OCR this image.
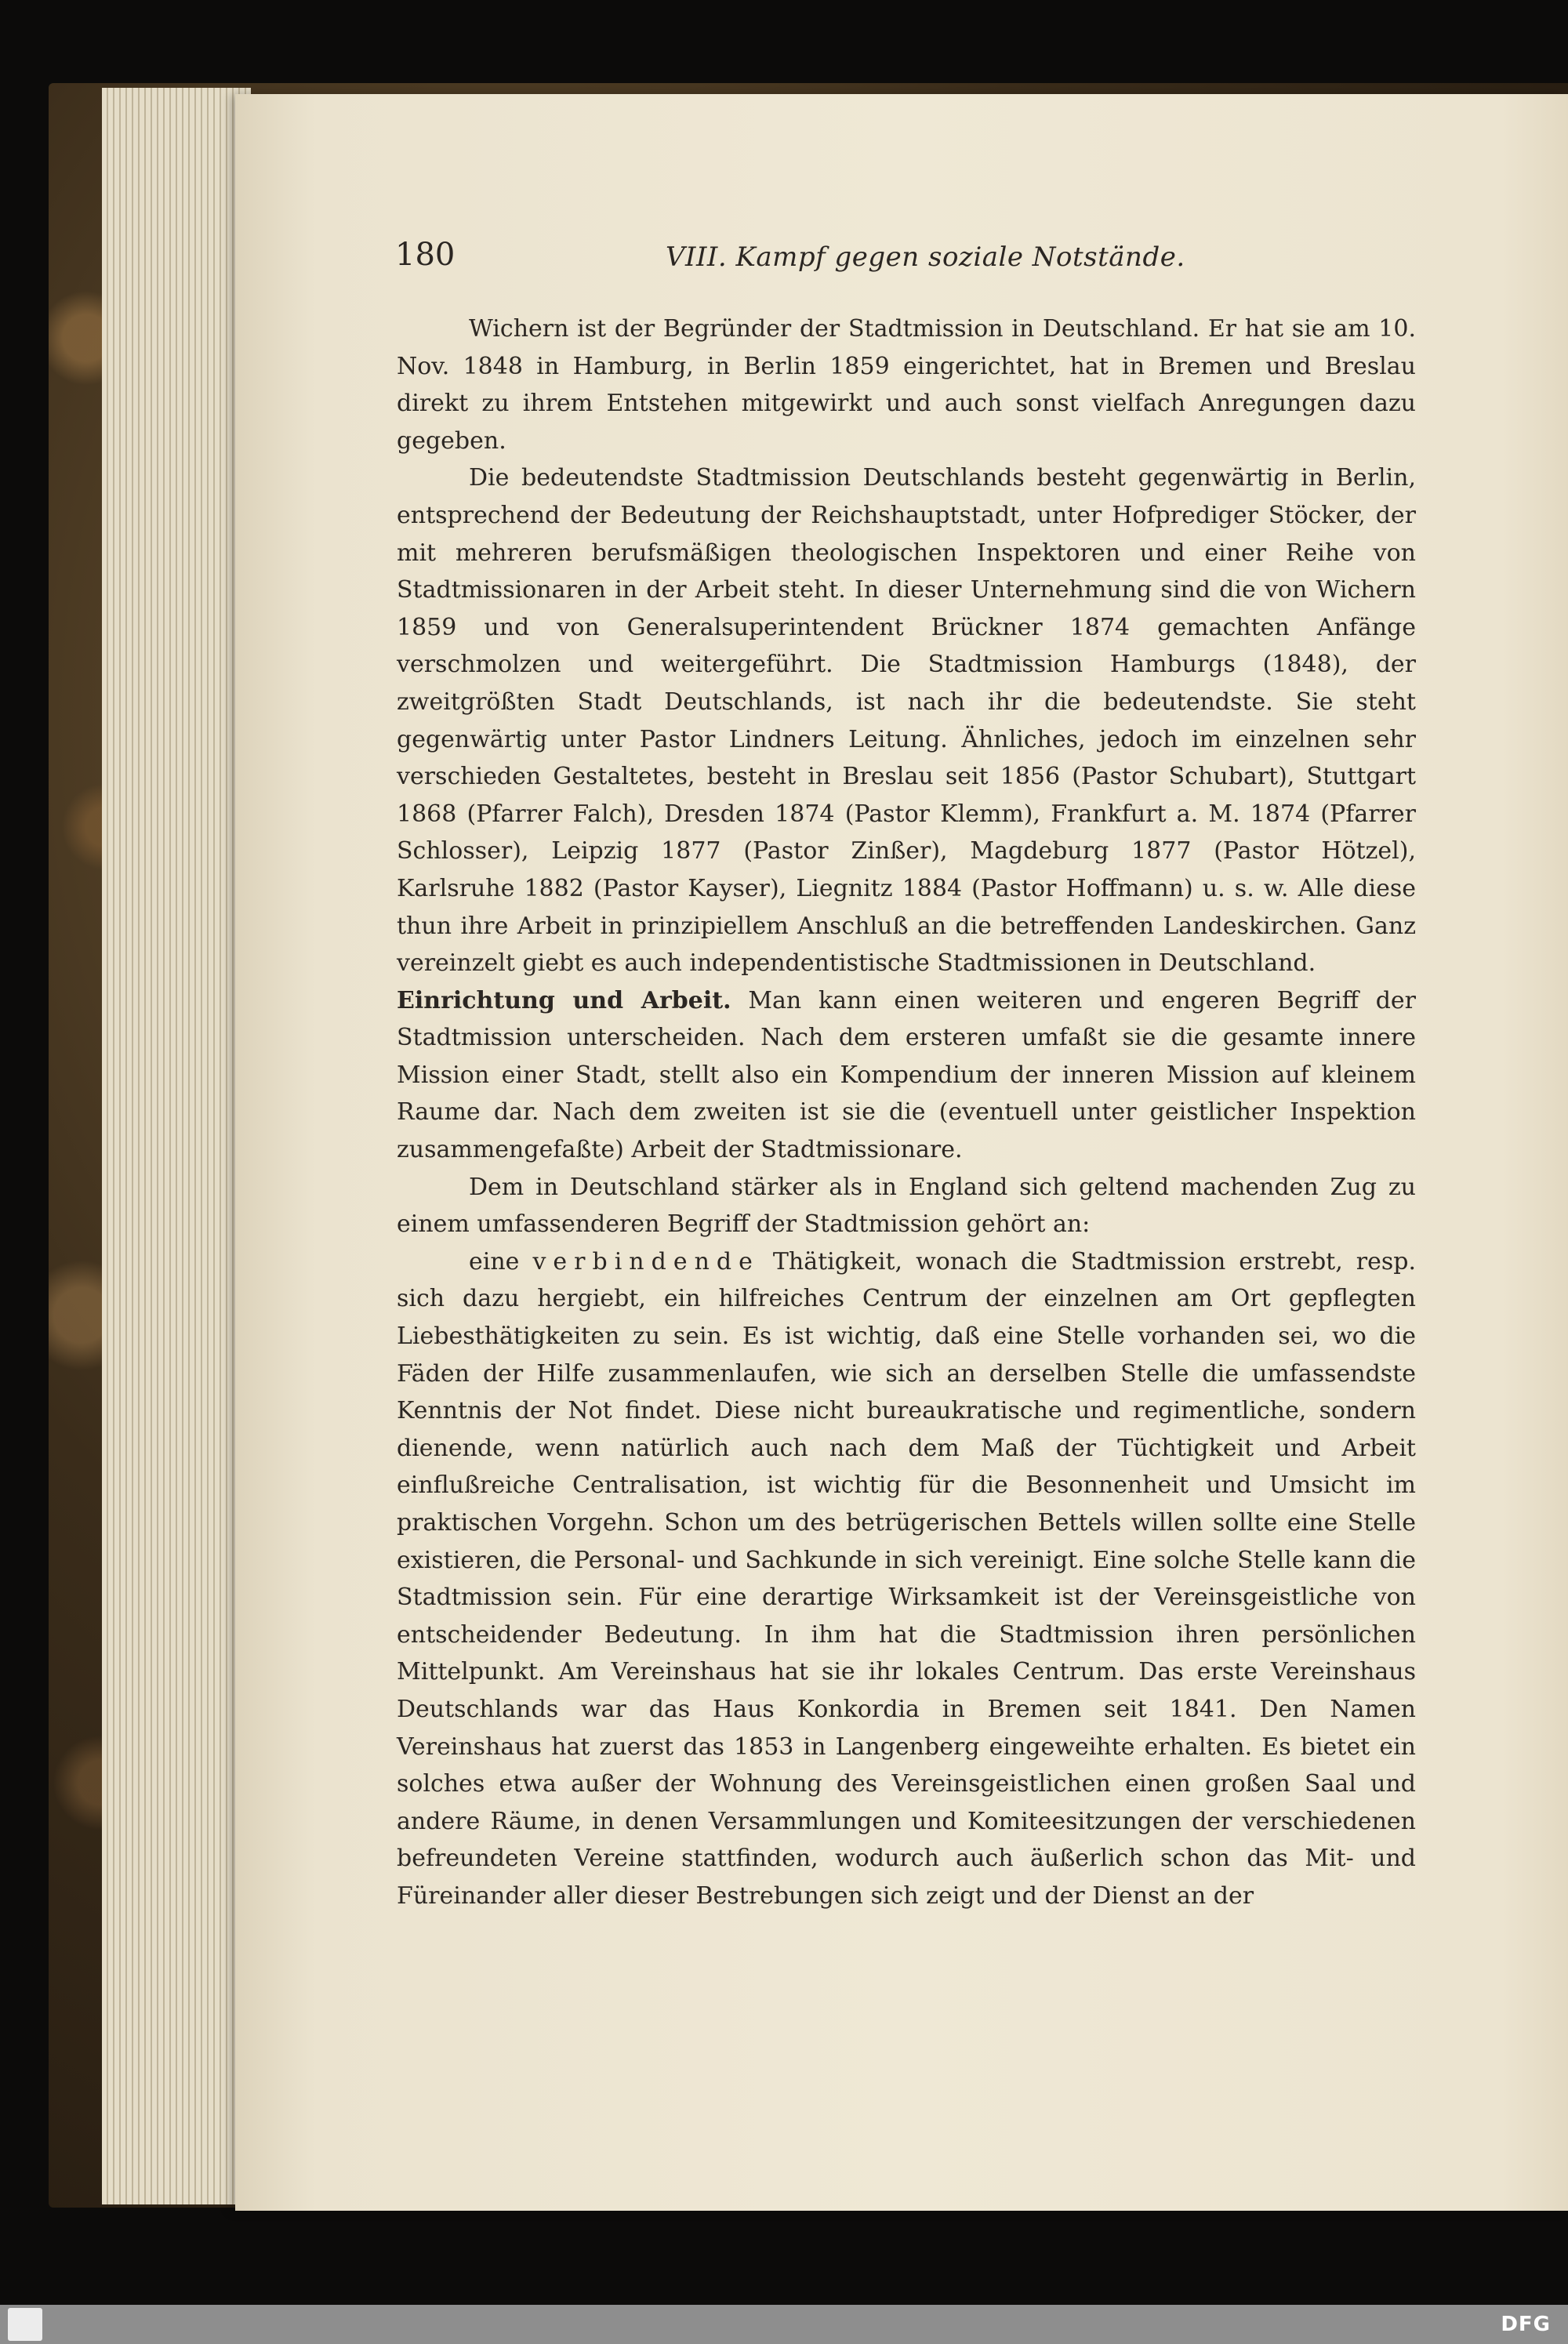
180	VIII. Kampf gegen soziale Notstände.

Wichern ist der Begründer der Stadtmission in Deutschland. Er hat sie am 10. Nov. 1848 in Hamburg, in Berlin 1859 eingerichtet, hat in Bremen und Breslau direkt zu ihrem Entstehen mitgewirkt und auch sonst vielfach Anregungen dazu gegeben.

Die bedeutendste Stadtmission Deutschlands besteht gegenwärtig in Berlin, entsprechend der Bedeutung der Reichshauptstadt, unter Hofprediger Stöcker, der mit mehreren berufsmäßigen theologischen Inspektoren und einer Reihe von Stadtmissionaren in der Arbeit steht. In dieser Unternehmung sind die von Wichern 1859 und von Generalsuperintendent Brückner 1874 gemachten Anfänge verschmolzen und weitergeführt. Die Stadtmission Hamburgs (1848), der zweitgrößten Stadt Deutschlands, ist nach ihr die bedeutendste. Sie steht gegenwärtig unter Pastor Lindners Leitung. Ähnliches, jedoch im einzelnen sehr verschieden Gestaltetes, besteht in Breslau seit 1856 (Pastor Schubart), Stuttgart 1868 (Pfarrer Falch), Dresden 1874 (Pastor Klemm), Frankfurt a. M. 1874 (Pfarrer Schlosser), Leipzig 1877 (Pastor Zinßer), Magdeburg 1877 (Pastor Hötzel), Karlsruhe 1882 (Pastor Kayser), Liegnitz 1884 (Pastor Hoffmann) u. s. w. Alle diese thun ihre Arbeit in prinzipiellem Anschluß an die betreffenden Landeskirchen. Ganz vereinzelt giebt es auch independentistische Stadtmissionen in Deutschland.

Einrichtung und Arbeit. Man kann einen weiteren und engeren Begriff der Stadtmission unterscheiden. Nach dem ersteren umfaßt sie die gesamte innere Mission einer Stadt, stellt also ein Kompendium der inneren Mission auf kleinem Raume dar. Nach dem zweiten ist sie die (eventuell unter geistlicher Inspektion zusammengefaßte) Arbeit der Stadtmissionare.

Dem in Deutschland stärker als in England sich geltend machenden Zug zu einem umfassenderen Begriff der Stadtmission gehört an:

eine verbindende Thätigkeit, wonach die Stadtmission erstrebt, resp. sich dazu hergiebt, ein hilfreiches Centrum der einzelnen am Ort gepflegten Liebesthätigkeiten zu sein. Es ist wichtig, daß eine Stelle vorhanden sei, wo die Fäden der Hilfe zusammenlaufen, wie sich an derselben Stelle die umfassendste Kenntnis der Not findet. Diese nicht bureaukratische und regimentliche, sondern dienende, wenn natürlich auch nach dem Maß der Tüchtigkeit und Arbeit einflußreiche Centralisation, ist wichtig für die Besonnenheit und Umsicht im praktischen Vorgehn. Schon um des betrügerischen Bettels willen sollte eine Stelle existieren, die Personal- und Sachkunde in sich vereinigt. Eine solche Stelle kann die Stadtmission sein. Für eine derartige Wirksamkeit ist der Vereinsgeistliche von entscheidender Bedeutung. In ihm hat die Stadtmission ihren persönlichen Mittelpunkt. Am Vereinshaus hat sie ihr lokales Centrum. Das erste Vereinshaus Deutschlands war das Haus Konkordia in Bremen seit 1841. Den Namen Vereinshaus hat zuerst das 1853 in Langenberg eingeweihte erhalten. Es bietet ein solches etwa außer der Wohnung des Vereinsgeistlichen einen großen Saal und andere Räume, in denen Versammlungen und Komiteesitzungen der verschiedenen befreundeten Vereine stattfinden, wodurch auch äußerlich schon das Mit- und Füreinander aller dieser Bestrebungen sich zeigt und der Dienst an der

DFG
